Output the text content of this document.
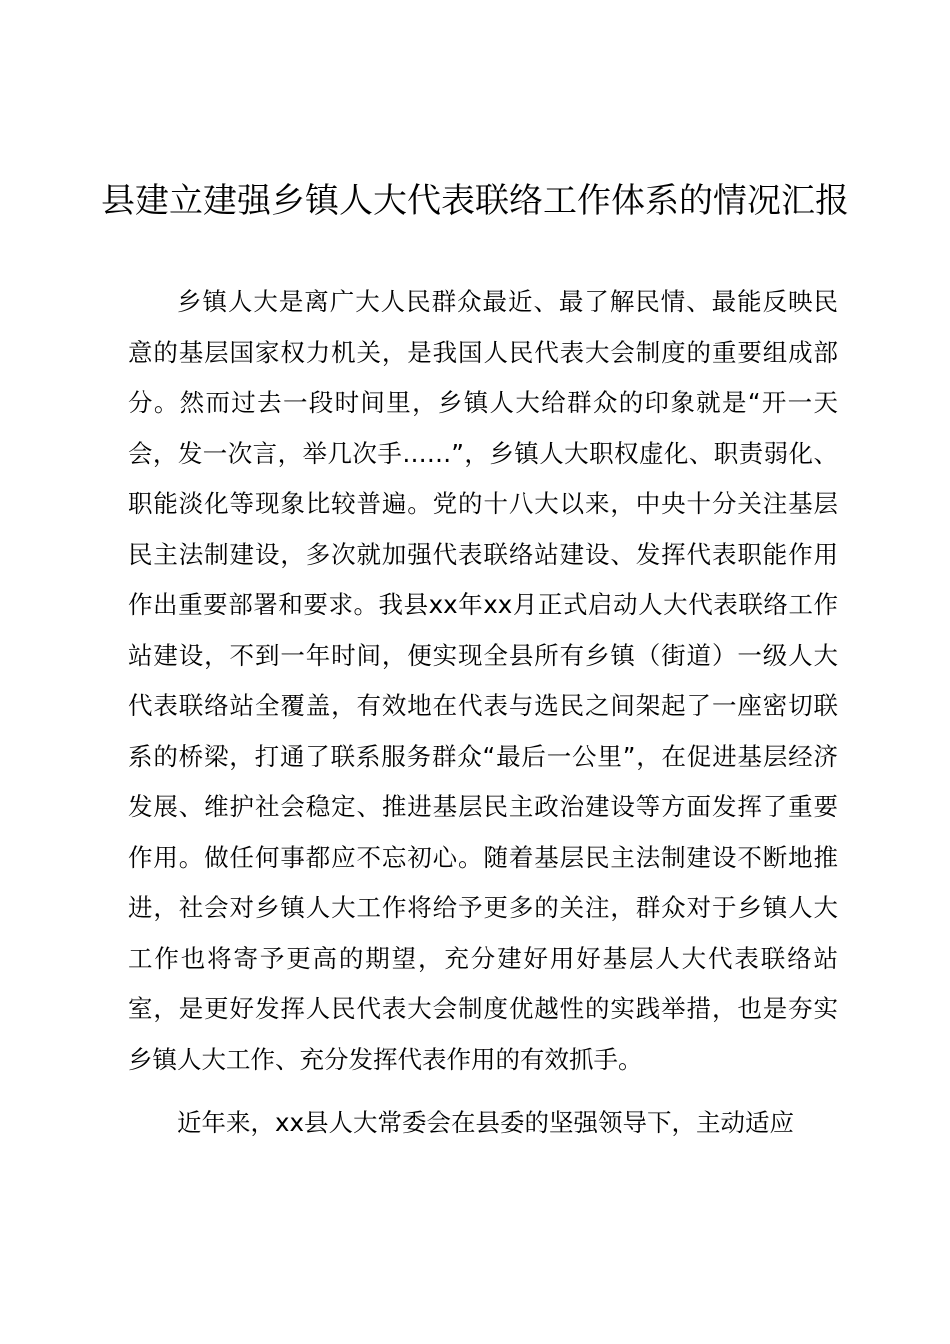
县建立建强乡镇人大代表联络工作体系的情况汇报

乡镇人大是离广大人民群众最近、最了解民情、最能反映民意的基层国家权力机关，是我国人民代表大会制度的重要组成部分。然而过去一段时间里，乡镇人大给群众的印象就是“开一天会，发一次言，举几次手……”，乡镇人大职权虚化、职责弱化、职能淡化等现象比较普遍。党的十八大以来，中央十分关注基层民主法制建设，多次就加强代表联络站建设、发挥代表职能作用作出重要部署和要求。我县xx年xx月正式启动人大代表联络工作站建设，不到一年时间，便实现全县所有乡镇（街道）一级人大代表联络站全覆盖，有效地在代表与选民之间架起了一座密切联系的桥梁，打通了联系服务群众“最后一公里”，在促进基层经济发展、维护社会稳定、推进基层民主政治建设等方面发挥了重要作用。做任何事都应不忘初心。随着基层民主法制建设不断地推进，社会对乡镇人大工作将给予更多的关注，群众对于乡镇人大工作也将寄予更高的期望，充分建好用好基层人大代表联络站室，是更好发挥人民代表大会制度优越性的实践举措，也是夯实乡镇人大工作、充分发挥代表作用的有效抓手。

近年来，xx县人大常委会在县委的坚强领导下，主动适应
